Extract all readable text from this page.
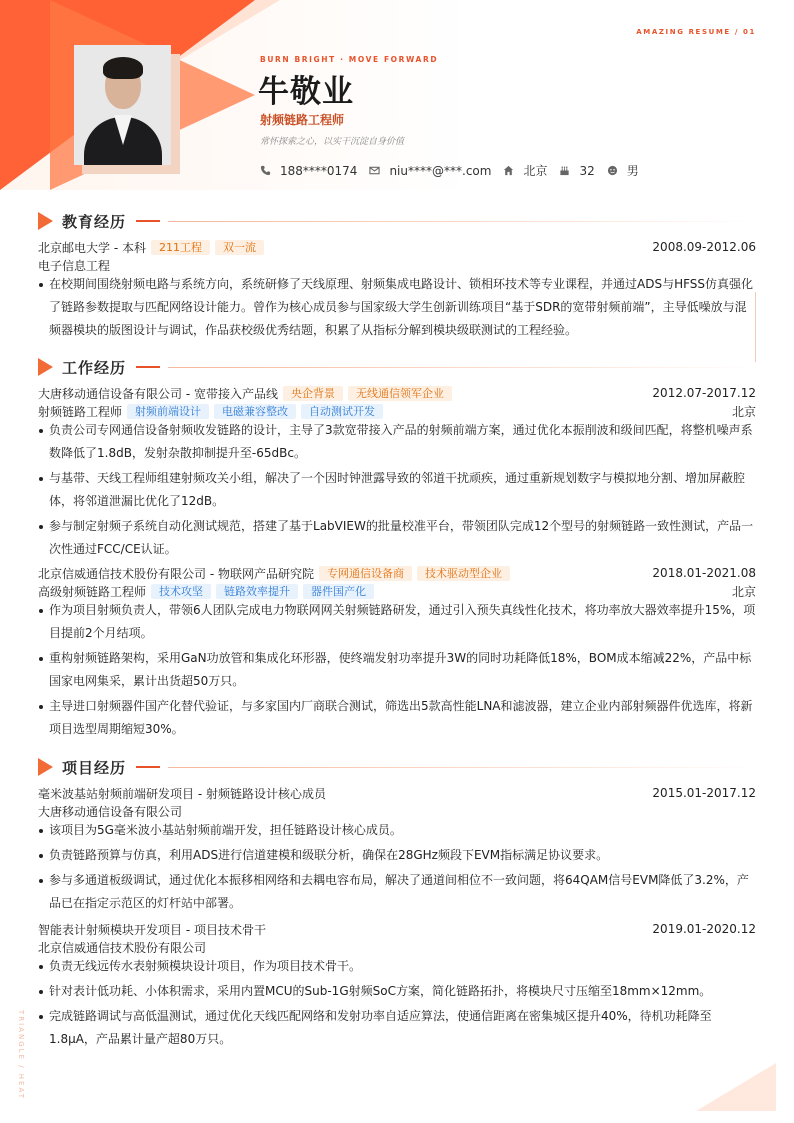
TRIANGLE / HEAT
AMAZING RESUME / 01
BURN BRIGHT · MOVE FORWARD
牛敬业
射频链路工程师
常怀探索之心，以实干沉淀自身价值
188****0174	niu****@***.com	北京	32	男
教育经历
北京邮电大学 - 本科	211工程	双一流	2008.09-2012.06
电子信息工程
在校期间围绕射频电路与系统方向，系统研修了天线原理、射频集成电路设计、锁相环技术等专业课程，并通过ADS与HFSS仿真强化了链路参数提取与匹配网络设计能力。曾作为核心成员参与国家级大学生创新训练项目“基于SDR的宽带射频前端”，主导低噪放与混频器模块的版图设计与调试，作品获校级优秀结题，积累了从指标分解到模块级联测试的工程经验。
工作经历
大唐移动通信设备有限公司 - 宽带接入产品线	央企背景	无线通信领军企业	2012.07-2017.12
射频链路工程师	射频前端设计	电磁兼容整改	自动测试开发	北京
负责公司专网通信设备射频收发链路的设计，主导了3款宽带接入产品的射频前端方案，通过优化本振削波和级间匹配，将整机噪声系数降低了1.8dB，发射杂散抑制提升至-65dBc。
与基带、天线工程师组建射频攻关小组，解决了一个因时钟泄露导致的邻道干扰顽疾，通过重新规划数字与模拟地分割、增加屏蔽腔体，将邻道泄漏比优化了12dB。
参与制定射频子系统自动化测试规范，搭建了基于LabVIEW的批量校准平台，带领团队完成12个型号的射频链路一致性测试，产品一次性通过FCC/CE认证。
北京信威通信技术股份有限公司 - 物联网产品研究院	专网通信设备商	技术驱动型企业	2018.01-2021.08
高级射频链路工程师	技术攻坚	链路效率提升	器件国产化	北京
作为项目射频负责人，带领6人团队完成电力物联网网关射频链路研发，通过引入预失真线性化技术，将功率放大器效率提升15%，项目提前2个月结项。
重构射频链路架构，采用GaN功放管和集成化环形器，使终端发射功率提升3W的同时功耗降低18%，BOM成本缩减22%，产品中标国家电网集采，累计出货超50万只。
主导进口射频器件国产化替代验证，与多家国内厂商联合测试，筛选出5款高性能LNA和滤波器，建立企业内部射频器件优选库，将新项目选型周期缩短30%。
项目经历
毫米波基站射频前端研发项目 - 射频链路设计核心成员	2015.01-2017.12
大唐移动通信设备有限公司
该项目为5G毫米波小基站射频前端开发，担任链路设计核心成员。
负责链路预算与仿真，利用ADS进行信道建模和级联分析，确保在28GHz频段下EVM指标满足协议要求。
参与多通道板级调试，通过优化本振移相网络和去耦电容布局，解决了通道间相位不一致问题，将64QAM信号EVM降低了3.2%，产品已在指定示范区的灯杆站中部署。
智能表计射频模块开发项目 - 项目技术骨干	2019.01-2020.12
北京信威通信技术股份有限公司
负责无线远传水表射频模块设计项目，作为项目技术骨干。
针对表计低功耗、小体积需求，采用内置MCU的Sub-1G射频SoC方案，简化链路拓扑，将模块尺寸压缩至18mm×12mm。
完成链路调试与高低温测试，通过优化天线匹配网络和发射功率自适应算法，使通信距离在密集城区提升40%，待机功耗降至1.8μA，产品累计量产超80万只。
